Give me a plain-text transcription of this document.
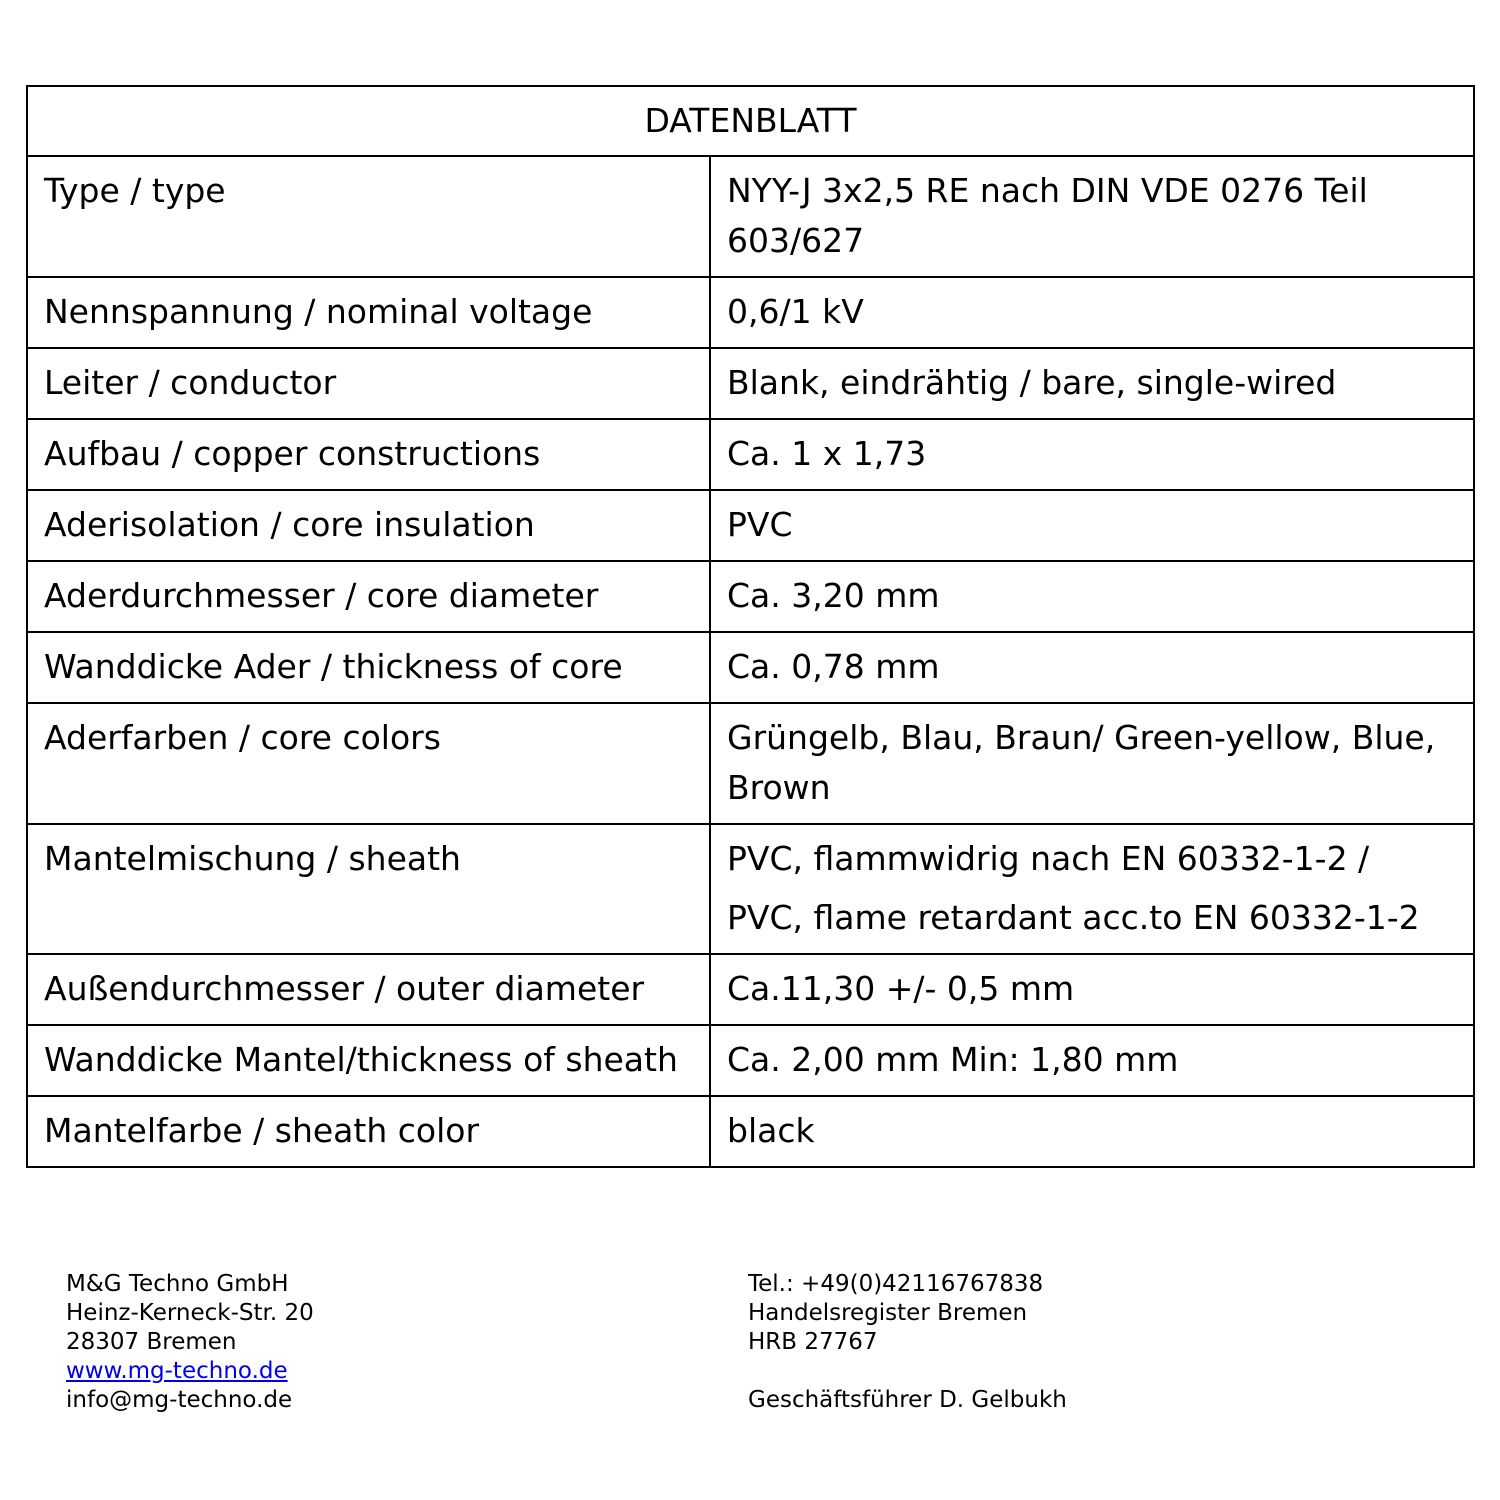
DATENBLATT	
Type / type	NYY-J 3x2,5 RE nach DIN VDE 0276 Teil 603/627

Nennspannung / nominal voltage	0,6/1 kV

Leiter / conductor	Blank, eindrähtig / bare, single-wired

Aufbau / copper constructions	Ca. 1 x 1,73

Aderisolation / core insulation	PVC

Aderdurchmesser / core diameter	Ca. 3,20 mm

Wanddicke Ader / thickness of core	Ca. 0,78 mm

Aderfarben / core colors	Grüngelb, Blau, Braun/ Green-yellow, Blue, Brown

Mantelmischung / sheath	PVC, flammwidrig nach EN 60332-1-2 /
PVC, flame retardant acc.to EN 60332-1-2

Außendurchmesser / outer diameter	Ca.11,30 +/- 0,5 mm

Wanddicke Mantel/thickness of sheath	Ca. 2,00 mm Min: 1,80 mm

Mantelfarbe / sheath color	black
M&G Techno GmbH
Heinz-Kerneck-Str. 20
28307 Bremen
www.mg-techno.de
info@mg-techno.de
Tel.: +49(0)42116767838
Handelsregister Bremen
HRB 27767
Geschäftsführer D. Gelbukh
